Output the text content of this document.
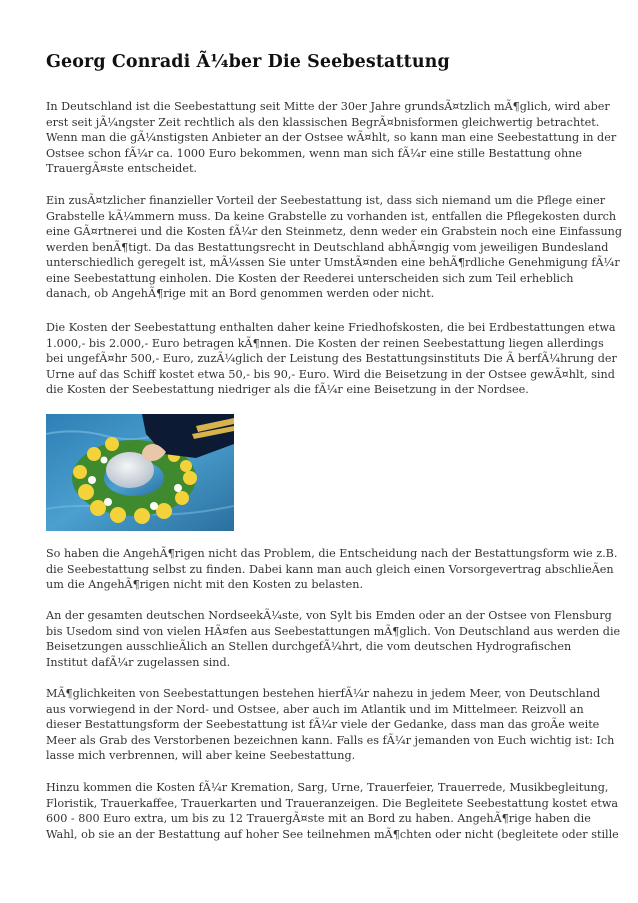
Georg Conradi Ã¼ber Die Seebestattung
In Deutschland ist die Seebestattung seit Mitte der 30er Jahre grundsÃ¤tzlich mÃ¶glich, wird aber
erst seit jÃ¼ngster Zeit rechtlich als den klassischen BegrÃ¤bnisformen gleichwertig betrachtet.
Wenn man die gÃ¼nstigsten Anbieter an der Ostsee wÃ¤hlt, so kann man eine Seebestattung in der
Ostsee schon fÃ¼r ca. 1000 Euro bekommen, wenn man sich fÃ¼r eine stille Bestattung ohne
TrauergÃ¤ste entscheidet.
Ein zusÃ¤tzlicher finanzieller Vorteil der Seebestattung ist, dass sich niemand um die Pflege einer
Grabstelle kÃ¼mmern muss. Da keine Grabstelle zu vorhanden ist, entfallen die Pflegekosten durch
eine GÃ¤rtnerei und die Kosten fÃ¼r den Steinmetz, denn weder ein Grabstein noch eine Einfassung
werden benÃ¶tigt. Da das Bestattungsrecht in Deutschland abhÃ¤ngig vom jeweiligen Bundesland
unterschiedlich geregelt ist, mÃ¼ssen Sie unter UmstÃ¤nden eine behÃ¶rdliche Genehmigung fÃ¼r
eine Seebestattung einholen. Die Kosten der Reederei unterscheiden sich zum Teil erheblich
danach, ob AngehÃ¶rige mit an Bord genommen werden oder nicht.
Die Kosten der Seebestattung enthalten daher keine Friedhofskosten, die bei Erdbestattungen etwa
1.000,- bis 2.000,- Euro betragen kÃ¶nnen. Die Kosten der reinen Seebestattung liegen allerdings
bei ungefÃ¤hr 500,- Euro, zuzÃ¼glich der Leistung des Bestattungsinstituts Die Ã berfÃ¼hrung der
Urne auf das Schiff kostet etwa 50,- bis 90,- Euro. Wird die Beisetzung in der Ostsee gewÃ¤hlt, sind
die Kosten der Seebestattung niedriger als die fÃ¼r eine Beisetzung in der Nordsee.
So haben die AngehÃ¶rigen nicht das Problem, die Entscheidung nach der Bestattungsform wie z.B.
die Seebestattung selbst zu finden. Dabei kann man auch gleich einen Vorsorgevertrag abschlieÃen
um die AngehÃ¶rigen nicht mit den Kosten zu belasten.
An der gesamten deutschen NordseekÃ¼ste, von Sylt bis Emden oder an der Ostsee von Flensburg
bis Usedom sind von vielen HÃ¤fen aus Seebestattungen mÃ¶glich. Von Deutschland aus werden die
Beisetzungen ausschlieÃlich an Stellen durchgefÃ¼hrt, die vom deutschen Hydrografischen
Institut dafÃ¼r zugelassen sind.
MÃ¶glichkeiten von Seebestattungen bestehen hierfÃ¼r nahezu in jedem Meer, von Deutschland
aus vorwiegend in der Nord- und Ostsee, aber auch im Atlantik und im Mittelmeer. Reizvoll an
dieser Bestattungsform der Seebestattung ist fÃ¼r viele der Gedanke, dass man das groÃe weite
Meer als Grab des Verstorbenen bezeichnen kann. Falls es fÃ¼r jemanden von Euch wichtig ist: Ich
lasse mich verbrennen, will aber keine Seebestattung.
Hinzu kommen die Kosten fÃ¼r Kremation, Sarg, Urne, Trauerfeier, Trauerrede, Musikbegleitung,
Floristik, Trauerkaffee, Trauerkarten und Traueranzeigen. Die Begleitete Seebestattung kostet etwa
600 - 800 Euro extra, um bis zu 12 TrauergÃ¤ste mit an Bord zu haben. AngehÃ¶rige haben die
Wahl, ob sie an der Bestattung auf hoher See teilnehmen mÃ¶chten oder nicht (begleitete oder stille
